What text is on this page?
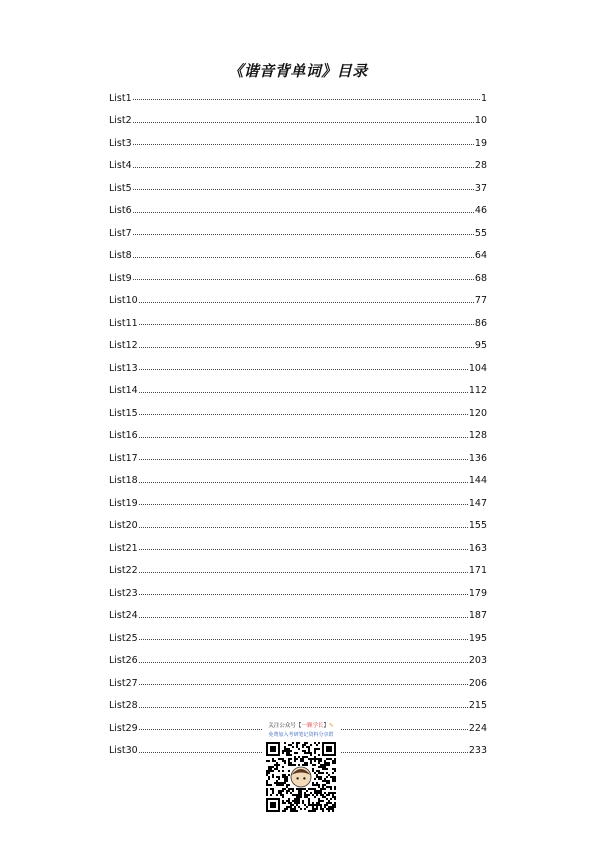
《谐音背单词》目录
List1	1
List2	10
List3	19
List4	28
List5	37
List6	46
List7	55
List8	64
List9	68
List10	77
List11	86
List12	95
List13	104
List14	112
List15	120
List16	128
List17	136
List18	144
List19	147
List20	155
List21	163
List22	171
List23	179
List24	187
List25	195
List26	203
List27	206
List28	215
List29	224
List30	233
关注公众号【一颗学长】✎
免费加入考研笔记资料分享群
